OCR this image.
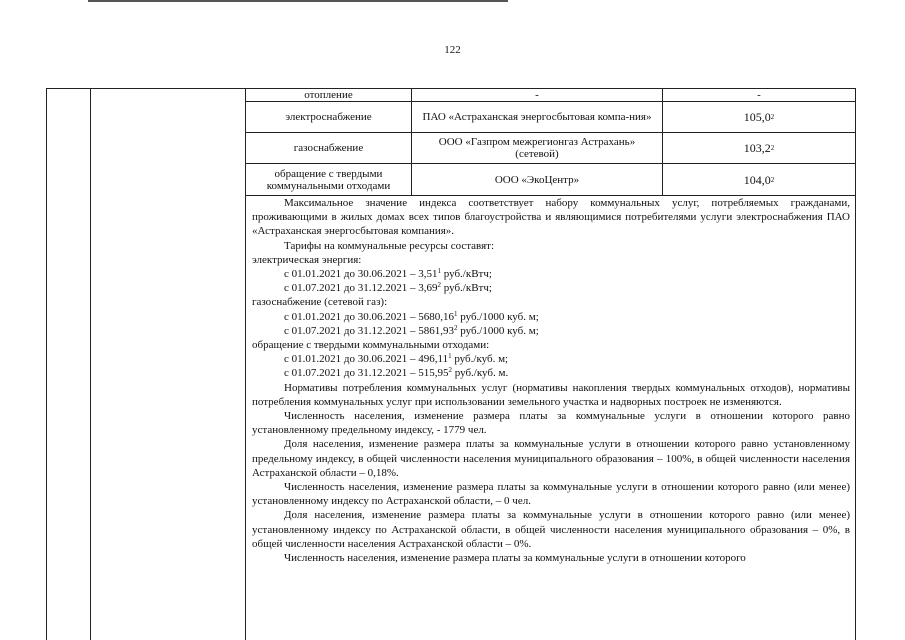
122
отопление	-	-
электроснабжение	ПАО «Астраханская энергосбытовая компа-ния»	105,0 2
газоснабжение	ООО «Газпром межрегионгаз Астрахань» (сетевой)	103,2 2
обращение с твердыми коммунальными отходами	ООО «ЭкоЦентр»	104,0 2

Максимальное значение индекса соответствует набору коммунальных услуг, потребляемых гражданами, проживающими в жилых домах всех типов благоустройства и являющимися потребителями услуги электроснабжения ПАО «Астраханская энергосбытовая компания».

Тарифы на коммунальные ресурсы составят:

электрическая энергия:

с 01.01.2021 до 30.06.2021 – 3,51$^1$ руб./кВтч;

с 01.07.2021 до 31.12.2021 – 3,69$^2$ руб./кВтч;

газоснабжение (сетевой газ):

с 01.01.2021 до 30.06.2021 – 5680,16$^1$ руб./1000 куб. м;

с 01.07.2021 до 31.12.2021 – 5861,93$^2$ руб./1000 куб. м;

обращение с твердыми коммунальными отходами:

с 01.01.2021 до 30.06.2021 – 496,11$^1$ руб./куб. м;

с 01.07.2021 до 31.12.2021 – 515,95$^2$ руб./куб. м.

Нормативы потребления коммунальных услуг (нормативы накопления твердых коммунальных отходов), нормативы потребления коммунальных услуг при использовании земельного участка и надворных построек не изменяются.

Численность населения, изменение размера платы за коммунальные услуги в отношении которого равно установленному предельному индексу, - 1779 чел.

Доля населения, изменение размера платы за коммунальные услуги в отношении которого равно установленному предельному индексу, в общей численности населения муниципального образования – 100%, в общей численности населения Астраханской области – 0,18%.

Численность населения, изменение размера платы за коммунальные услуги в отношении которого равно (или менее) установленному индексу по Астраханской области, – 0 чел.

Доля населения, изменение размера платы за коммунальные услуги в отношении которого равно (или менее) установленному индексу по Астраханской области, в общей численности населения муниципального образования – 0%, в общей численности населения Астраханской области – 0%.

Численность населения, изменение размера платы за коммунальные услуги в отношении которого
